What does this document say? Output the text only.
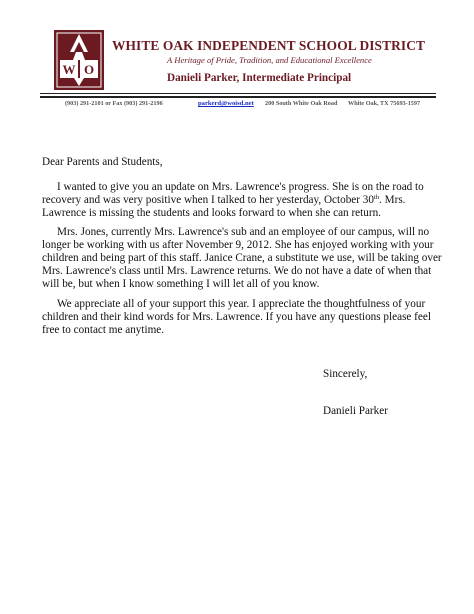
W O
WHITE OAK INDEPENDENT SCHOOL DISTRICT
A Heritage of Pride, Tradition, and Educational Excellence
Danieli Parker, Intermediate Principal
(903) 291-2101 or Fax (903) 291-2196	parkerd@woisd.net 200 South White Oak Road White Oak, TX 75693-1597
Dear Parents and Students,

I wanted to give you an update on Mrs. Lawrence's progress. She is on the road to recovery and was very positive when I talked to her yesterday, October 30th. Mrs. Lawrence is missing the students and looks forward to when she can return.

Mrs. Jones, currently Mrs. Lawrence's sub and an employee of our campus, will no longer be working with us after November 9, 2012. She has enjoyed working with your children and being part of this staff. Janice Crane, a substitute we use, will be taking over Mrs. Lawrence's class until Mrs. Lawrence returns. We do not have a date of when that will be, but when I know something I will let all of you know.

We appreciate all of your support this year. I appreciate the thoughtfulness of your children and their kind words for Mrs. Lawrence. If you have any questions please feel free to contact me anytime.

Sincerely,
Danieli Parker
